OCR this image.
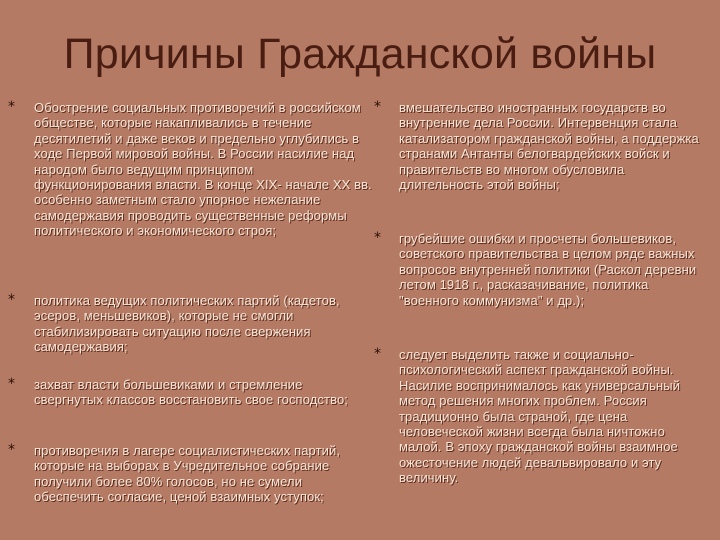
Причины Гражданской войны
* Обострение социальных противоречий в российском обществе, которые накапливались в течение десятилетий и даже веков и предельно углубились в ходе Первой мировой войны. В России насилие над народом было ведущим принципом функционирования власти. В конце XIX- начале XX вв. особенно заметным стало упорное нежелание самодержавия проводить существенные реформы политического и экономического строя;
* политика ведущих политических партий (кадетов, эсеров, меньшевиков), которые не смогли стабилизировать ситуацию после свержения самодержавия;
* захват власти большевиками и стремление свергнутых классов восстановить свое господство;
* противоречия в лагере социалистических партий, которые на выборах в Учредительное собрание получили более 80% голосов, но не сумели обеспечить согласие, ценой взаимных уступок;
* вмешательство иностранных государств во внутренние дела России. Интервенция стала катализатором гражданской войны, а поддержка странами Антанты белогвардейских войск и правительств во многом обусловила длительность этой войны;
* грубейшие ошибки и просчеты большевиков, советского правительства в целом ряде важных вопросов внутренней политики (Раскол деревни летом 1918 г., расказачивание, политика "военного коммунизма" и др.);
* следует выделить также и социально-психологический аспект гражданской войны. Насилие воспринималось как универсальный метод решения многих проблем. Россия традиционно была страной, где цена человеческой жизни всегда была ничтожно малой. В эпоху гражданской войны взаимное ожесточение людей девальвировало и эту величину.
